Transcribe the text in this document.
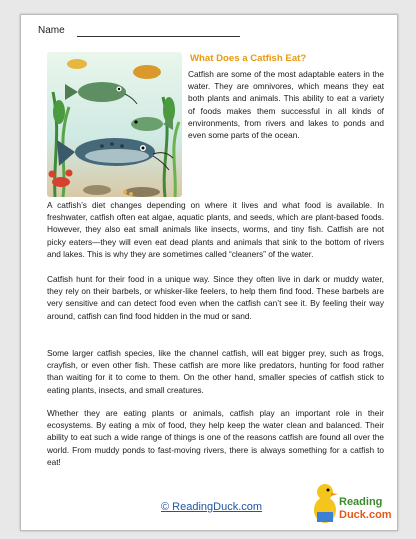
Name
What Does a Catfish Eat?
Catfish are some of the most adaptable eaters in the water. They are omnivores, which means they eat both plants and animals. This ability to eat a variety of foods makes them successful in all kinds of environments, from rivers and lakes to ponds and even some parts of the ocean.

A catfish’s diet changes depending on where it lives and what food is available. In freshwater, catfish often eat algae, aquatic plants, and seeds, which are plant-based foods. However, they also eat small animals like insects, worms, and tiny fish. Catfish are not picky eaters—they will even eat dead plants and animals that sink to the bottom of rivers and lakes. This is why they are sometimes called “cleaners” of the water.

Catfish hunt for their food in a unique way. Since they often live in dark or muddy water, they rely on their barbels, or whisker-like feelers, to help them find food. These barbels are very sensitive and can detect food even when the catfish can’t see it. By feeling their way around, catfish can find food hidden in the mud or sand.

Some larger catfish species, like the channel catfish, will eat bigger prey, such as frogs, crayfish, or even other fish. These catfish are more like predators, hunting for food rather than waiting for it to come to them. On the other hand, smaller species of catfish stick to eating plants, insects, and small creatures.

Whether they are eating plants or animals, catfish play an important role in their ecosystems. By eating a mix of food, they help keep the water clean and balanced. Their ability to eat such a wide range of things is one of the reasons catfish are found all over the world. From muddy ponds to fast-moving rivers, there is always something for a catfish to eat!

© ReadingDuck.com	Reading
Duck.com
